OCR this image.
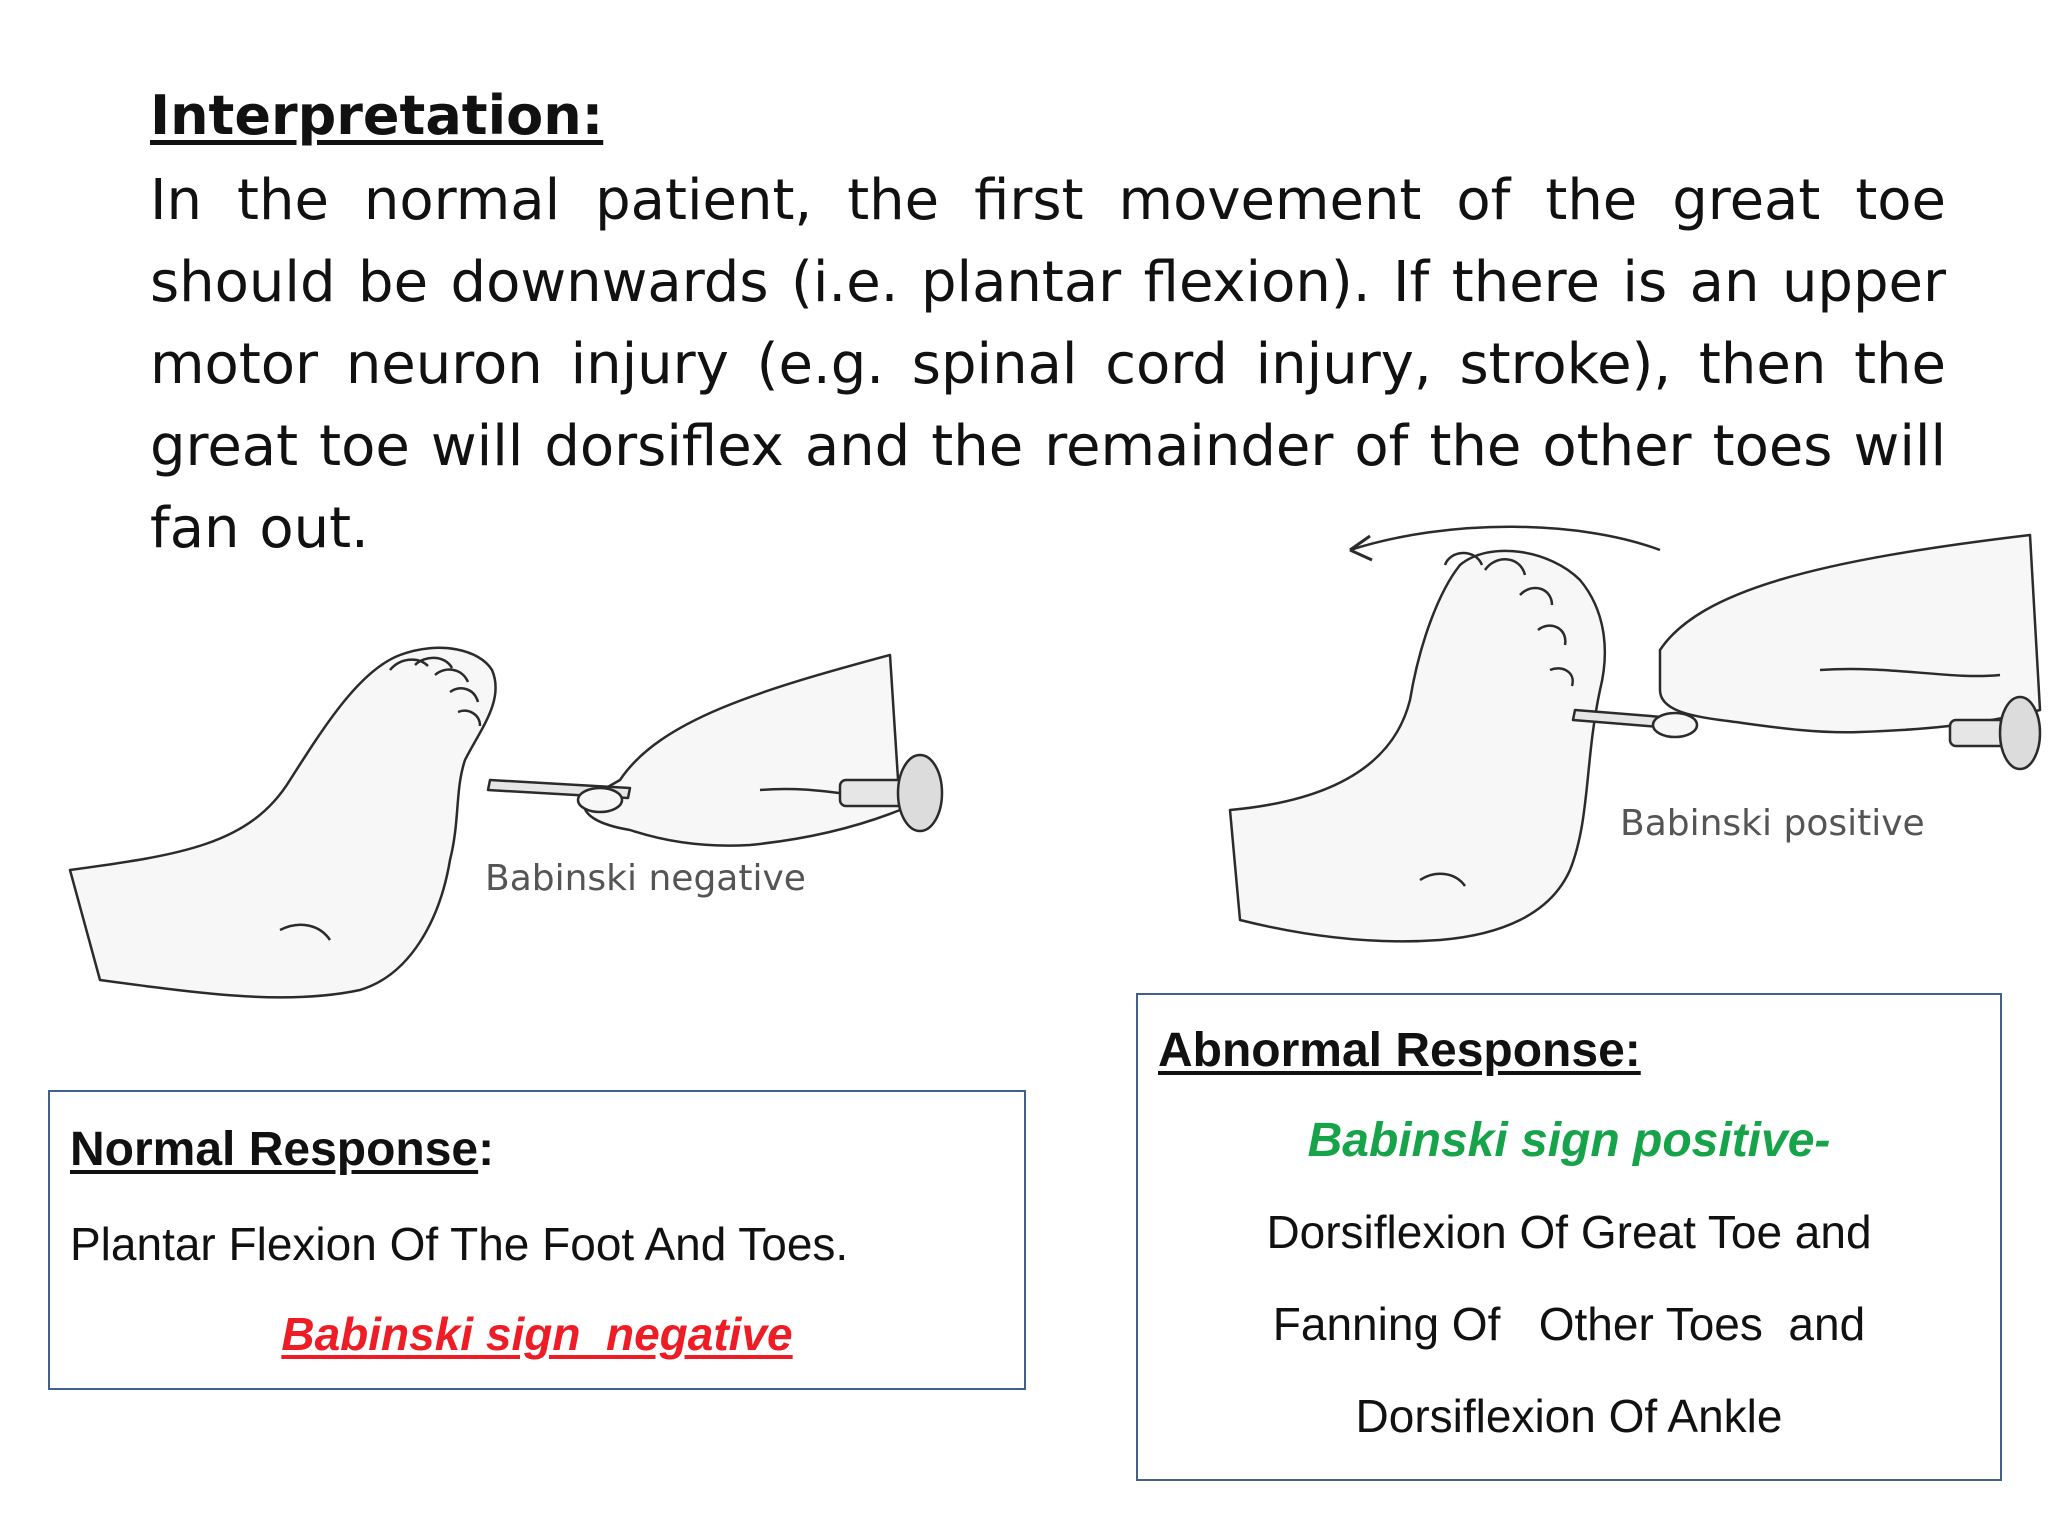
Interpretation:

In the normal patient, the first movement of the great toe should be downwards (i.e. plantar flexion). If there is an upper motor neuron injury (e.g. spinal cord injury, stroke), then the great toe will dorsiflex and the remainder of the other toes will fan out.

Babinski negative
Babinski positive
Normal Response:
Plantar Flexion Of The Foot And Toes.
Babinski sign  negative
Abnormal Response:
Babinski sign positive-
Dorsiflexion Of Great Toe and
Fanning Of   Other Toes  and
Dorsiflexion Of Ankle
